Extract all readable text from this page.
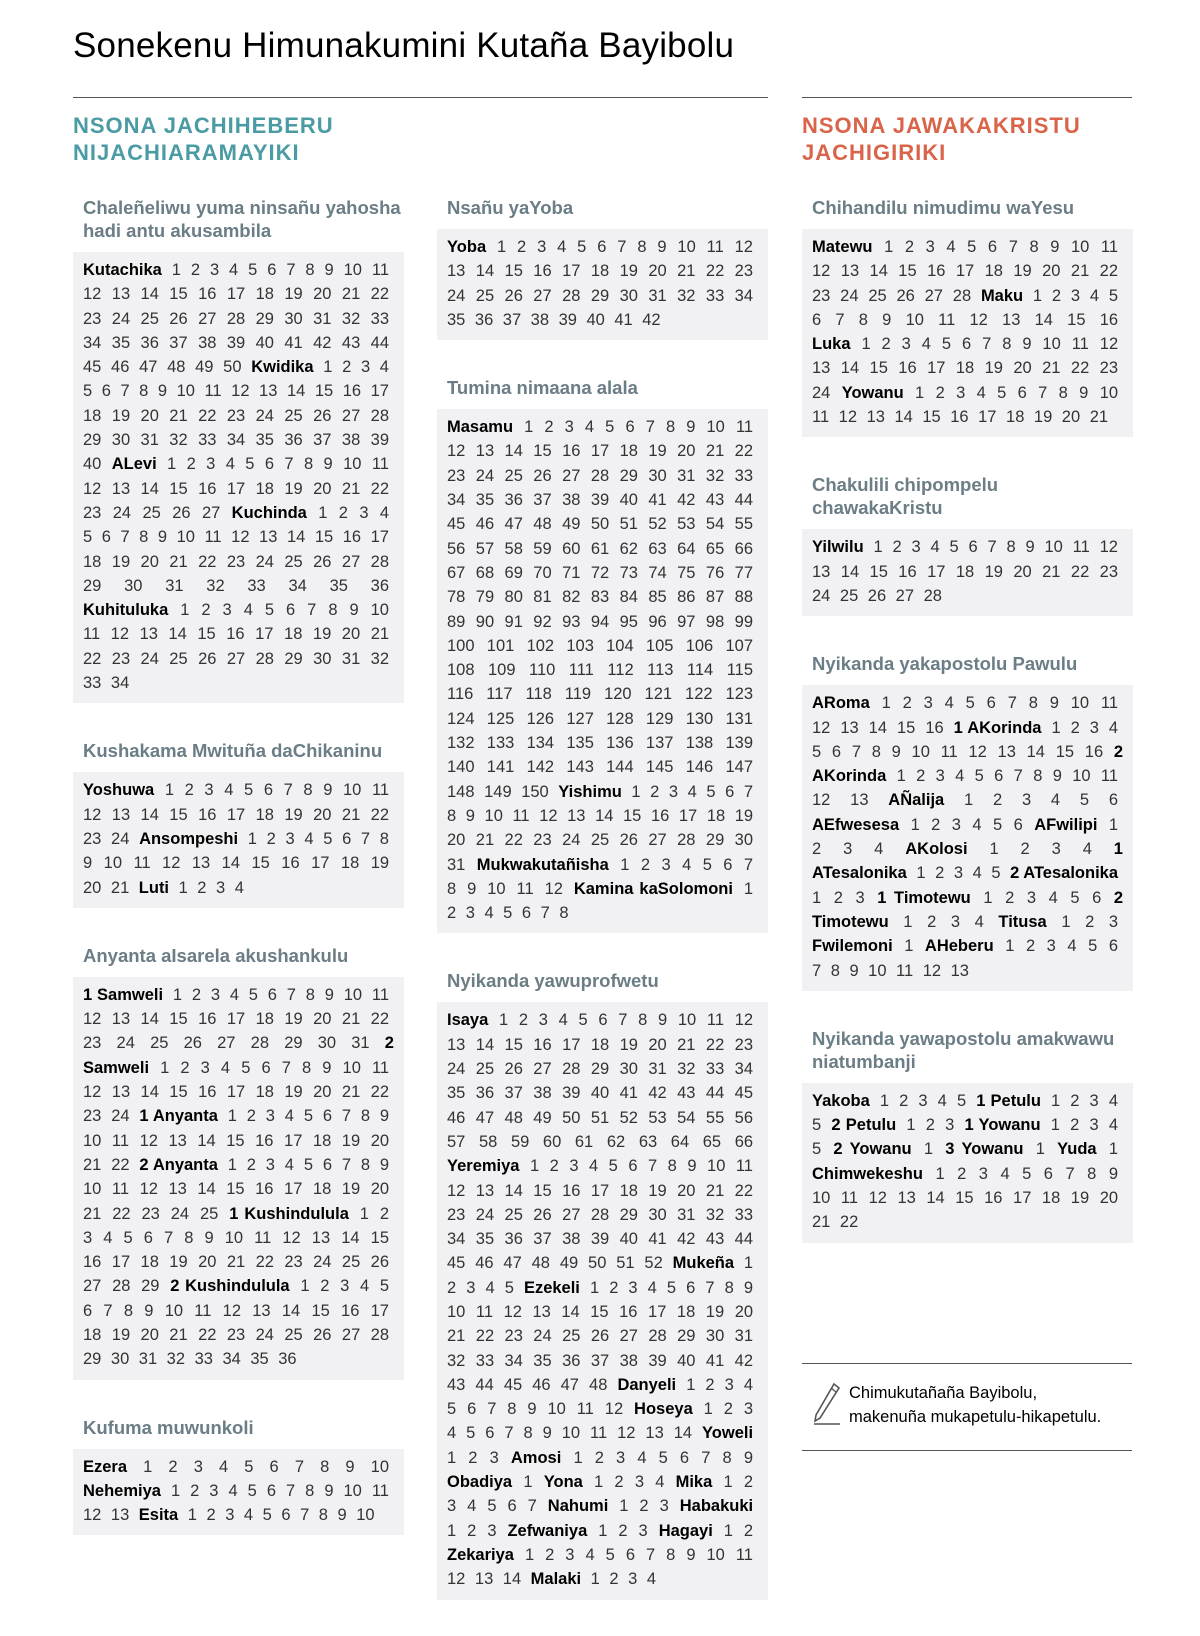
Sonekenu Himunakumini Kutaña Bayibolu
NSONA JACHIHEBERU NIJACHIARAMAYIKI
NSONA JAWAKAKRISTU JACHIGIRIKI
Chaleñeliwu yuma ninsañu yahosha hadi antu akusambila
Kutachika 1 2 3 4 5 6 7 8 9 10 11 12 13 14 15 16 17 18 19 20 21 22 23 24 25 26 27 28 29 30 31 32 33 34 35 36 37 38 39 40 41 42 43 44 45 46 47 48 49 50 Kwidika 1 2 3 4 5 6 7 8 9 10 11 12 13 14 15 16 17 18 19 20 21 22 23 24 25 26 27 28 29 30 31 32 33 34 35 36 37 38 39 40 ALevi 1 2 3 4 5 6 7 8 9 10 11 12 13 14 15 16 17 18 19 20 21 22 23 24 25 26 27 Kuchinda 1 2 3 4 5 6 7 8 9 10 11 12 13 14 15 16 17 18 19 20 21 22 23 24 25 26 27 28 29 30 31 32 33 34 35 36 Kuhituluka 1 2 3 4 5 6 7 8 9 10 11 12 13 14 15 16 17 18 19 20 21 22 23 24 25 26 27 28 29 30 31 32 33 34
Kushakama Mwituña daChikaninu
Yoshuwa 1 2 3 4 5 6 7 8 9 10 11 12 13 14 15 16 17 18 19 20 21 22 23 24 Ansompeshi 1 2 3 4 5 6 7 8 9 10 11 12 13 14 15 16 17 18 19 20 21 Luti 1 2 3 4
Anyanta aIsarela akushankulu
1 Samweli 1 2 3 4 5 6 7 8 9 10 11 12 13 14 15 16 17 18 19 20 21 22 23 24 25 26 27 28 29 30 31 2 Samweli 1 2 3 4 5 6 7 8 9 10 11 12 13 14 15 16 17 18 19 20 21 22 23 24 1 Anyanta 1 2 3 4 5 6 7 8 9 10 11 12 13 14 15 16 17 18 19 20 21 22 2 Anyanta 1 2 3 4 5 6 7 8 9 10 11 12 13 14 15 16 17 18 19 20 21 22 23 24 25 1 Kushindulula 1 2 3 4 5 6 7 8 9 10 11 12 13 14 15 16 17 18 19 20 21 22 23 24 25 26 27 28 29 2 Kushindulula 1 2 3 4 5 6 7 8 9 10 11 12 13 14 15 16 17 18 19 20 21 22 23 24 25 26 27 28 29 30 31 32 33 34 35 36
Kufuma muwunkoli
Ezera 1 2 3 4 5 6 7 8 9 10 Nehemiya 1 2 3 4 5 6 7 8 9 10 11 12 13 Esita 1 2 3 4 5 6 7 8 9 10
Nsañu yaYoba
Yoba 1 2 3 4 5 6 7 8 9 10 11 12 13 14 15 16 17 18 19 20 21 22 23 24 25 26 27 28 29 30 31 32 33 34 35 36 37 38 39 40 41 42
Tumina nimaana alala
Masamu 1 2 3 4 5 6 7 8 9 10 11 12 13 14 15 16 17 18 19 20 21 22 23 24 25 26 27 28 29 30 31 32 33 34 35 36 37 38 39 40 41 42 43 44 45 46 47 48 49 50 51 52 53 54 55 56 57 58 59 60 61 62 63 64 65 66 67 68 69 70 71 72 73 74 75 76 77 78 79 80 81 82 83 84 85 86 87 88 89 90 91 92 93 94 95 96 97 98 99 100 101 102 103 104 105 106 107 108 109 110 111 112 113 114 115 116 117 118 119 120 121 122 123 124 125 126 127 128 129 130 131 132 133 134 135 136 137 138 139 140 141 142 143 144 145 146 147 148 149 150 Yishimu 1 2 3 4 5 6 7 8 9 10 11 12 13 14 15 16 17 18 19 20 21 22 23 24 25 26 27 28 29 30 31 Mukwakutañisha 1 2 3 4 5 6 7 8 9 10 11 12 Kamina kaSolomoni 1 2 3 4 5 6 7 8
Nyikanda yawuprofwetu
Isaya 1 2 3 4 5 6 7 8 9 10 11 12 13 14 15 16 17 18 19 20 21 22 23 24 25 26 27 28 29 30 31 32 33 34 35 36 37 38 39 40 41 42 43 44 45 46 47 48 49 50 51 52 53 54 55 56 57 58 59 60 61 62 63 64 65 66 Yeremiya 1 2 3 4 5 6 7 8 9 10 11 12 13 14 15 16 17 18 19 20 21 22 23 24 25 26 27 28 29 30 31 32 33 34 35 36 37 38 39 40 41 42 43 44 45 46 47 48 49 50 51 52 Mukeña 1 2 3 4 5 Ezekeli 1 2 3 4 5 6 7 8 9 10 11 12 13 14 15 16 17 18 19 20 21 22 23 24 25 26 27 28 29 30 31 32 33 34 35 36 37 38 39 40 41 42 43 44 45 46 47 48 Danyeli 1 2 3 4 5 6 7 8 9 10 11 12 Hoseya 1 2 3 4 5 6 7 8 9 10 11 12 13 14 Yoweli 1 2 3 Amosi 1 2 3 4 5 6 7 8 9 Obadiya 1 Yona 1 2 3 4 Mika 1 2 3 4 5 6 7 Nahumi 1 2 3 Habakuki 1 2 3 Zefwaniya 1 2 3 Hagayi 1 2 Zekariya 1 2 3 4 5 6 7 8 9 10 11 12 13 14 Malaki 1 2 3 4
Chihandilu nimudimu waYesu
Matewu 1 2 3 4 5 6 7 8 9 10 11 12 13 14 15 16 17 18 19 20 21 22 23 24 25 26 27 28 Maku 1 2 3 4 5 6 7 8 9 10 11 12 13 14 15 16 Luka 1 2 3 4 5 6 7 8 9 10 11 12 13 14 15 16 17 18 19 20 21 22 23 24 Yowanu 1 2 3 4 5 6 7 8 9 10 11 12 13 14 15 16 17 18 19 20 21
Chakulili chipompelu chawakaKristu
Yilwilu 1 2 3 4 5 6 7 8 9 10 11 12 13 14 15 16 17 18 19 20 21 22 23 24 25 26 27 28
Nyikanda yakapostolu Pawulu
ARoma 1 2 3 4 5 6 7 8 9 10 11 12 13 14 15 16 1 AKorinda 1 2 3 4 5 6 7 8 9 10 11 12 13 14 15 16 2 AKorinda 1 2 3 4 5 6 7 8 9 10 11 12 13 AÑalija 1 2 3 4 5 6 AEfwesesa 1 2 3 4 5 6 AFwilipi 1 2 3 4 AKolosi 1 2 3 4 1 ATesalonika 1 2 3 4 5 2 ATesalonika 1 2 3 1 Timotewu 1 2 3 4 5 6 2 Timotewu 1 2 3 4 Titusa 1 2 3 Fwilemoni 1 AHeberu 1 2 3 4 5 6 7 8 9 10 11 12 13
Nyikanda yawapostolu amakwawu niatumbanji
Yakoba 1 2 3 4 5 1 Petulu 1 2 3 4 5 2 Petulu 1 2 3 1 Yowanu 1 2 3 4 5 2 Yowanu 1 3 Yowanu 1 Yuda 1 Chimwekeshu 1 2 3 4 5 6 7 8 9 10 11 12 13 14 15 16 17 18 19 20 21 22
Chimukutañaña Bayibolu,
makenuña mukapetulu-hikapetulu.
